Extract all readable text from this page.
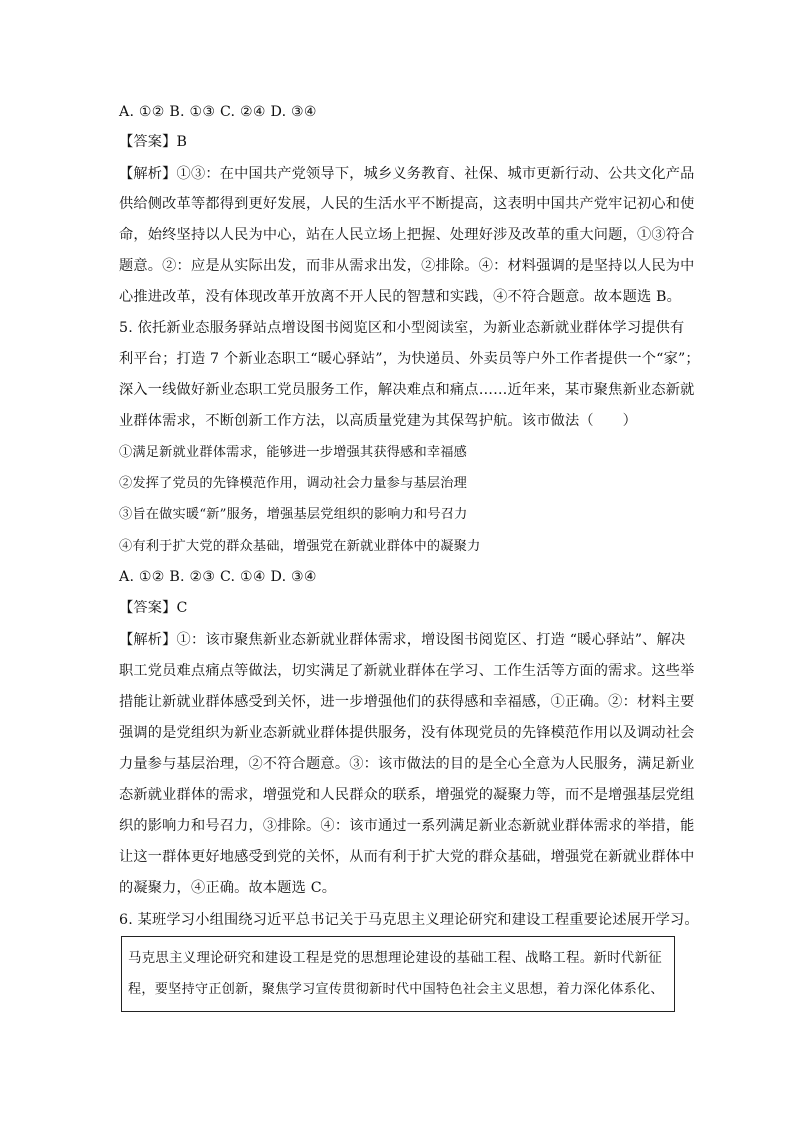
A. ①② B. ①③ C. ②④ D. ③④
【答案】B
【解析】①③：在中国共产党领导下，城乡义务教育、社保、城市更新行动、公共文化产品
供给侧改革等都得到更好发展，人民的生活水平不断提高，这表明中国共产党牢记初心和使
命，始终坚持以人民为中心，站在人民立场上把握、处理好涉及改革的重大问题，①③符合
题意。②：应是从实际出发，而非从需求出发，②排除。④：材料强调的是坚持以人民为中
心推进改革，没有体现改革开放离不开人民的智慧和实践，④不符合题意。故本题选 B。
5. 依托新业态服务驿站点增设图书阅览区和小型阅读室，为新业态新就业群体学习提供有
利平台；打造 7 个新业态职工“暖心驿站”，为快递员、外卖员等户外工作者提供一个“家”；
深入一线做好新业态职工党员服务工作，解决难点和痛点……近年来，某市聚焦新业态新就
业群体需求，不断创新工作方法，以高质量党建为其保驾护航。该市做法（　　）
①满足新就业群体需求，能够进一步增强其获得感和幸福感
②发挥了党员的先锋模范作用，调动社会力量参与基层治理
③旨在做实暖“新”服务，增强基层党组织的影响力和号召力
④有利于扩大党的群众基础，增强党在新就业群体中的凝聚力
A. ①② B. ②③ C. ①④ D. ③④
【答案】C
【解析】①：该市聚焦新业态新就业群体需求，增设图书阅览区、打造 “暖心驿站”、解决
职工党员难点痛点等做法，切实满足了新就业群体在学习、工作生活等方面的需求。这些举
措能让新就业群体感受到关怀，进一步增强他们的获得感和幸福感，①正确。②：材料主要
强调的是党组织为新业态新就业群体提供服务，没有体现党员的先锋模范作用以及调动社会
力量参与基层治理，②不符合题意。③：该市做法的目的是全心全意为人民服务，满足新业
态新就业群体的需求，增强党和人民群众的联系，增强党的凝聚力等，而不是增强基层党组
织的影响力和号召力，③排除。④：该市通过一系列满足新业态新就业群体需求的举措，能
让这一群体更好地感受到党的关怀，从而有利于扩大党的群众基础，增强党在新就业群体中
的凝聚力，④正确。故本题选 C。
6. 某班学习小组围绕习近平总书记关于马克思主义理论研究和建设工程重要论述展开学习。
马克思主义理论研究和建设工程是党的思想理论建设的基础工程、战略工程。新时代新征
程，要坚持守正创新，聚焦学习宣传贯彻新时代中国特色社会主义思想，着力深化体系化、
